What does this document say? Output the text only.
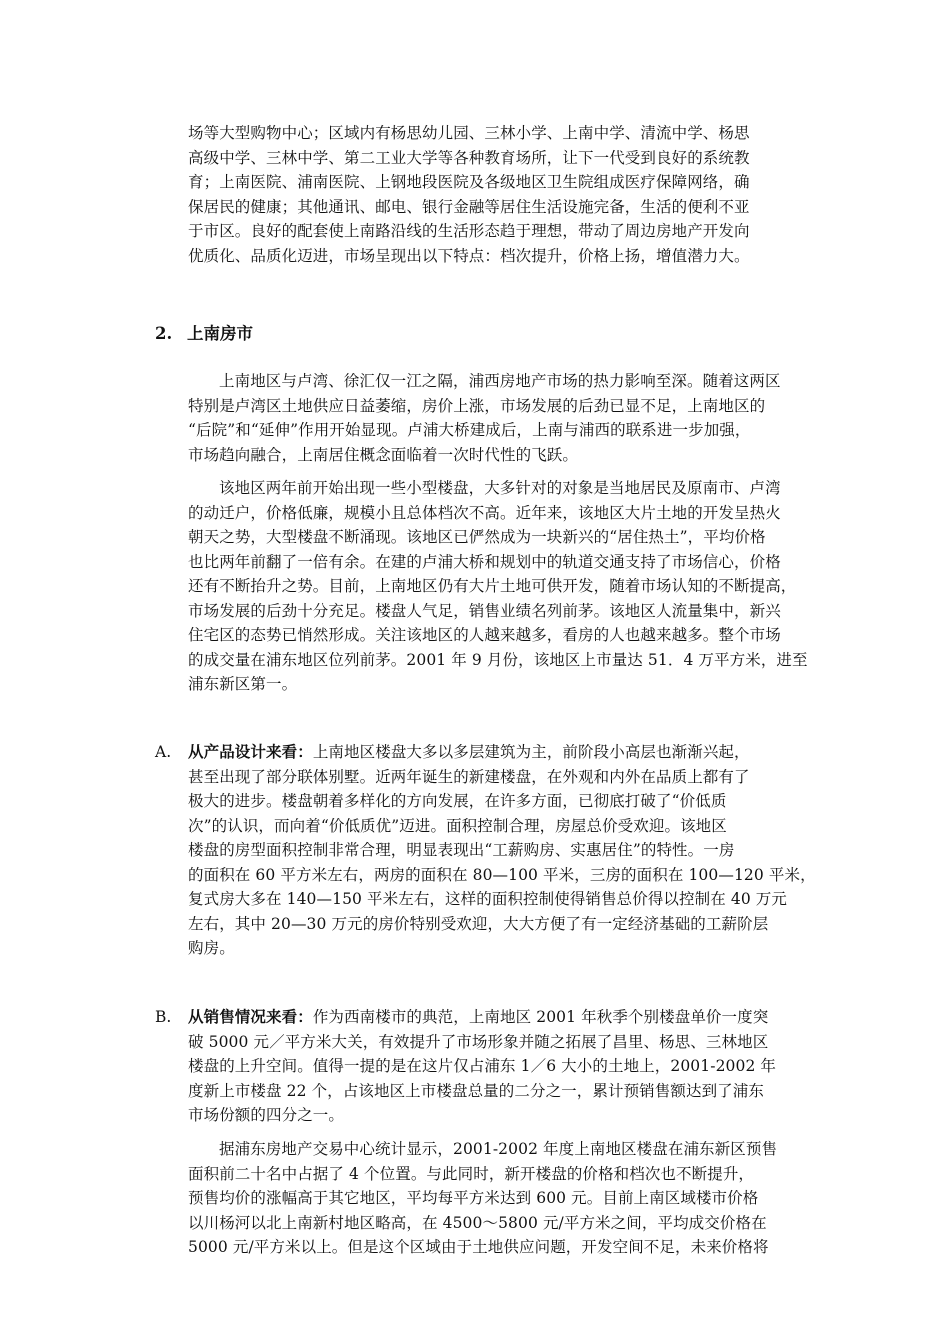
场等大型购物中心；区域内有杨思幼儿园、三林小学、上南中学、清流中学、杨思
高级中学、三林中学、第二工业大学等各种教育场所，让下一代受到良好的系统教
育；上南医院、浦南医院、上钢地段医院及各级地区卫生院组成医疗保障网络，确
保居民的健康；其他通讯、邮电、银行金融等居住生活设施完备，生活的便利不亚
于市区。良好的配套使上南路沿线的生活形态趋于理想，带动了周边房地产开发向
优质化、品质化迈进，市场呈现出以下特点：档次提升，价格上扬，增值潜力大。
2. 上南房市
上南地区与卢湾、徐汇仅一江之隔，浦西房地产市场的热力影响至深。随着这两区
特别是卢湾区土地供应日益萎缩，房价上涨，市场发展的后劲已显不足，上南地区的
“后院”和“延伸”作用开始显现。卢浦大桥建成后，上南与浦西的联系进一步加强，
市场趋向融合，上南居住概念面临着一次时代性的飞跃。
该地区两年前开始出现一些小型楼盘，大多针对的对象是当地居民及原南市、卢湾
的动迁户，价格低廉，规模小且总体档次不高。近年来，该地区大片土地的开发呈热火
朝天之势，大型楼盘不断涌现。该地区已俨然成为一块新兴的“居住热土”，平均价格
也比两年前翻了一倍有余。在建的卢浦大桥和规划中的轨道交通支持了市场信心，价格
还有不断抬升之势。目前，上南地区仍有大片土地可供开发，随着市场认知的不断提高，
市场发展的后劲十分充足。楼盘人气足，销售业绩名列前茅。该地区人流量集中，新兴
住宅区的态势已悄然形成。关注该地区的人越来越多，看房的人也越来越多。整个市场
的成交量在浦东地区位列前茅。2001 年 9 月份，该地区上市量达 51．4 万平方米，进至
浦东新区第一。
A. 从产品设计来看：上南地区楼盘大多以多层建筑为主，前阶段小高层也渐渐兴起，
甚至出现了部分联体别墅。近两年诞生的新建楼盘，在外观和内外在品质上都有了
极大的进步。楼盘朝着多样化的方向发展，在许多方面，已彻底打破了“价低质
次”的认识，而向着“价低质优”迈进。面积控制合理，房屋总价受欢迎。该地区
楼盘的房型面积控制非常合理，明显表现出“工薪购房、实惠居住”的特性。一房
的面积在 60 平方米左右，两房的面积在 80—100 平米，三房的面积在 100—120 平米，
复式房大多在 140—150 平米左右，这样的面积控制使得销售总价得以控制在 40 万元
左右，其中 20—30 万元的房价特别受欢迎，大大方便了有一定经济基础的工薪阶层
购房。
B. 从销售情况来看：作为西南楼市的典范，上南地区 2001 年秋季个别楼盘单价一度突
破 5000 元／平方米大关，有效提升了市场形象并随之拓展了昌里、杨思、三林地区
楼盘的上升空间。值得一提的是在这片仅占浦东 1／6 大小的土地上，2001-2002 年
度新上市楼盘 22 个，占该地区上市楼盘总量的二分之一，累计预销售额达到了浦东
市场份额的四分之一。
据浦东房地产交易中心统计显示，2001-2002 年度上南地区楼盘在浦东新区预售
面积前二十名中占据了 4 个位置。与此同时，新开楼盘的价格和档次也不断提升，
预售均价的涨幅高于其它地区，平均每平方米达到 600 元。目前上南区域楼市价格
以川杨河以北上南新村地区略高，在 4500～5800 元/平方米之间，平均成交价格在
5000 元/平方米以上。但是这个区域由于土地供应问题，开发空间不足，未来价格将
